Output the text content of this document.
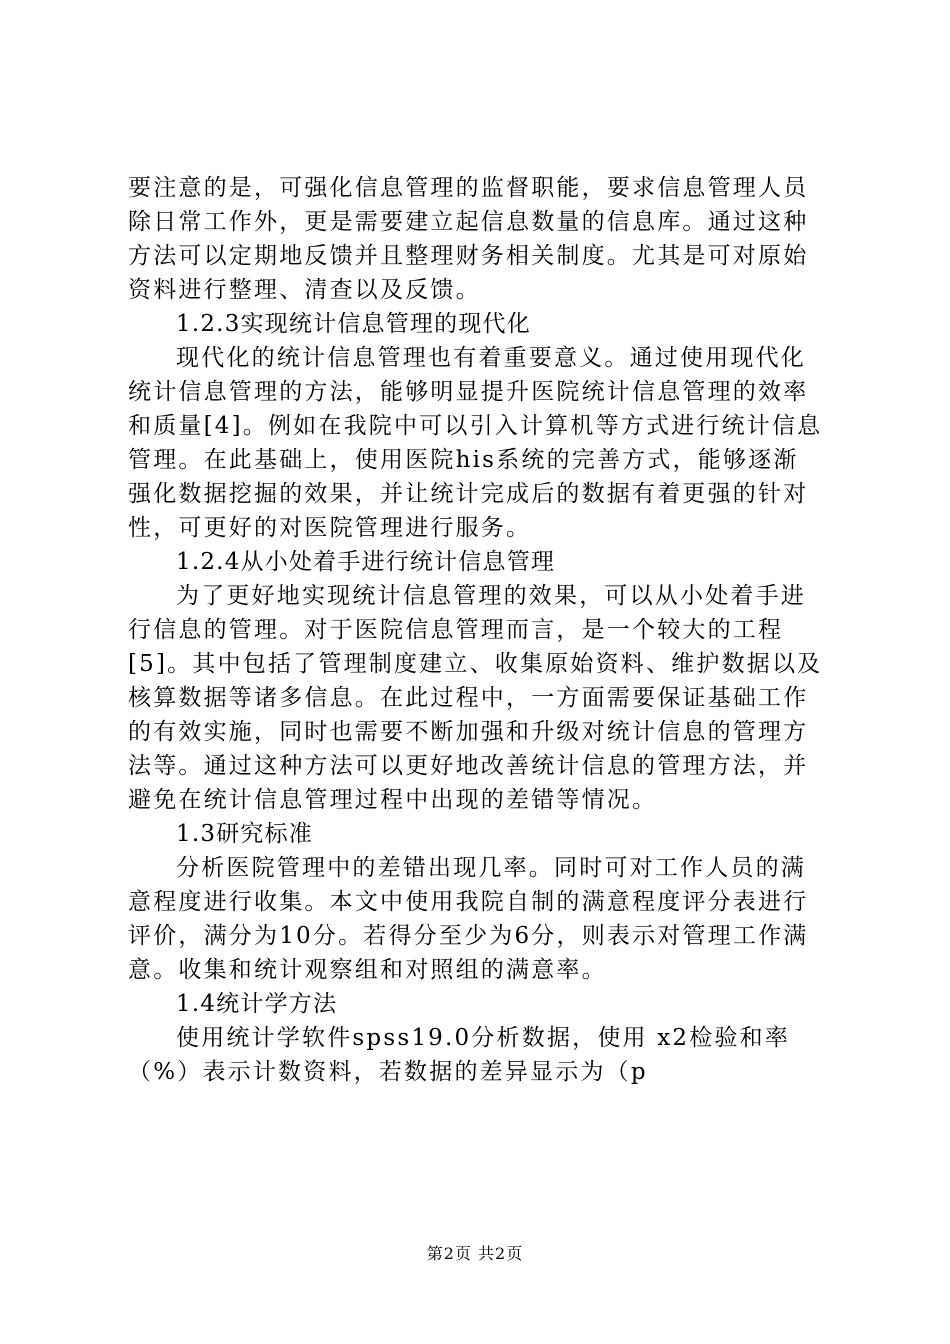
要注意的是，可强化信息管理的监督职能，要求信息管理人员
除日常工作外，更是需要建立起信息数量的信息库。通过这种
方法可以定期地反馈并且整理财务相关制度。尤其是可对原始
资料进行整理、清查以及反馈。
1.2.3实现统计信息管理的现代化
现代化的统计信息管理也有着重要意义。通过使用现代化
统计信息管理的方法，能够明显提升医院统计信息管理的效率
和质量[4]。例如在我院中可以引入计算机等方式进行统计信息
管理。在此基础上，使用医院his系统的完善方式，能够逐渐
强化数据挖掘的效果，并让统计完成后的数据有着更强的针对
性，可更好的对医院管理进行服务。
1.2.4从小处着手进行统计信息管理
为了更好地实现统计信息管理的效果，可以从小处着手进
行信息的管理。对于医院信息管理而言，是一个较大的工程
[5]。其中包括了管理制度建立、收集原始资料、维护数据以及
核算数据等诸多信息。在此过程中，一方面需要保证基础工作
的有效实施，同时也需要不断加强和升级对统计信息的管理方
法等。通过这种方法可以更好地改善统计信息的管理方法，并
避免在统计信息管理过程中出现的差错等情况。
1.3研究标准
分析医院管理中的差错出现几率。同时可对工作人员的满
意程度进行收集。本文中使用我院自制的满意程度评分表进行
评价，满分为10分。若得分至少为6分，则表示对管理工作满
意。收集和统计观察组和对照组的满意率。
1.4统计学方法
使用统计学软件spss19.0分析数据，使用 x2检验和率
（%）表示计数资料，若数据的差异显示为（p
第2页 共2页
